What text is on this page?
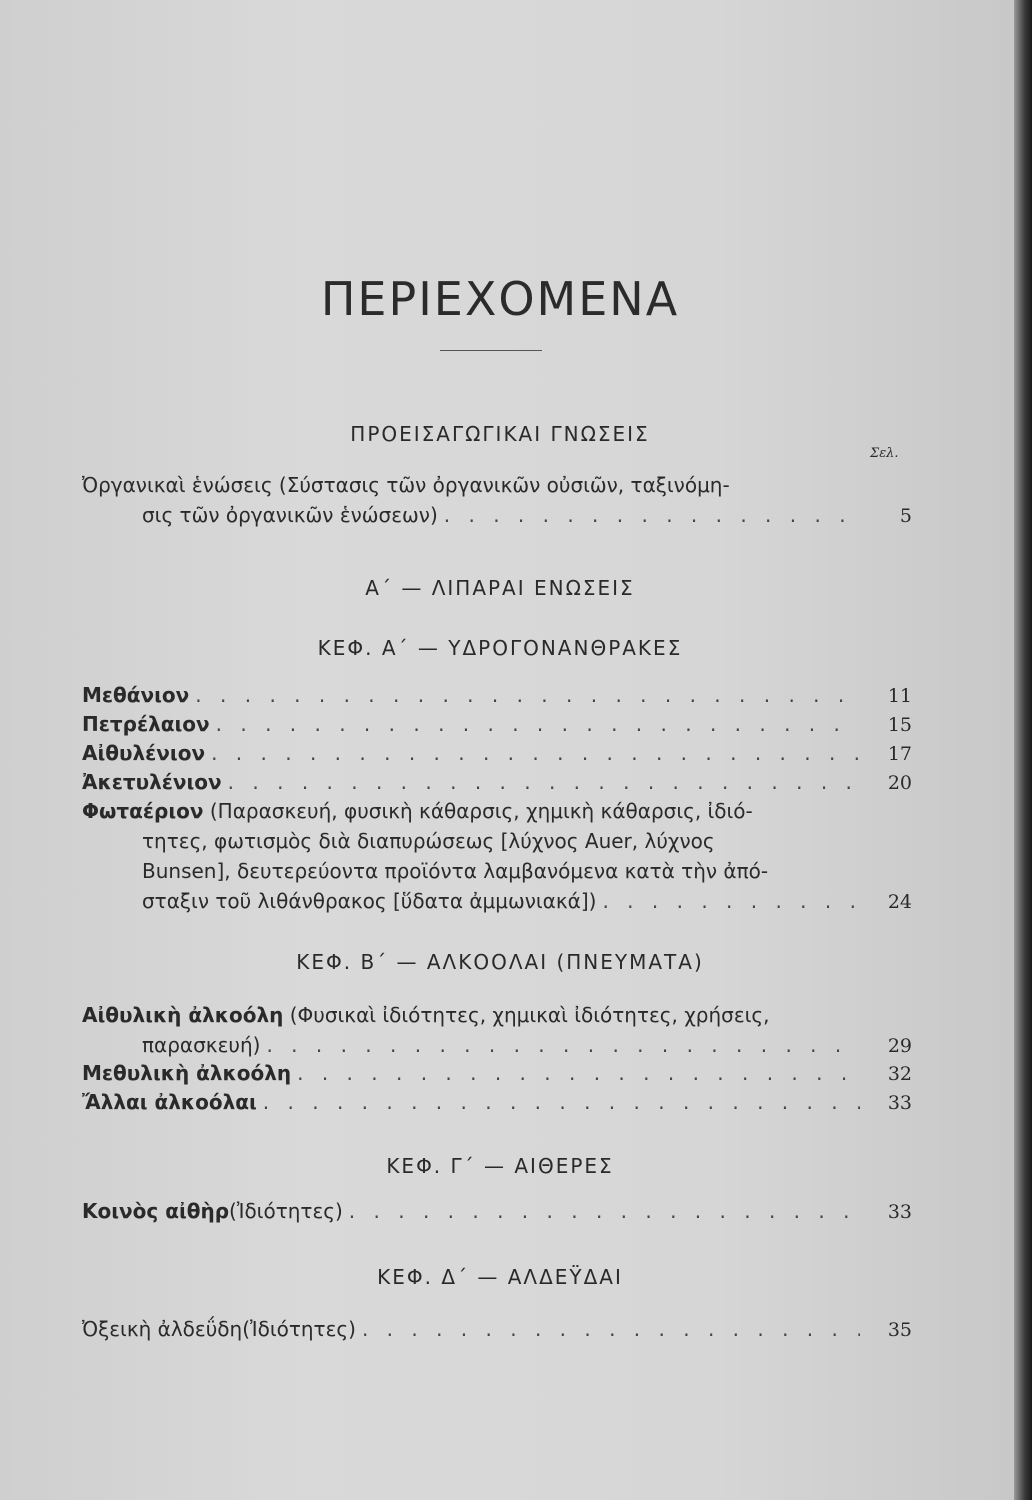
ΠΕΡΙΕΧΟΜΕΝΑ
ΠΡΟΕΙΣΑΓΩΓΙΚΑΙ ΓΝΩΣΕΙΣ
Σελ.
Ὀργανικαὶ ἑνώσεις (Σύστασις τῶν ὀργανικῶν οὐσιῶν, ταξινόμη-
σις τῶν ὀργανικῶν ἑνώσεων) . . .	5
Α΄ — ΛΙΠΑΡΑΙ ΕΝΩΣΕΙΣ
ΚΕΦ. Α΄ — ΥΔΡΟΓΟΝΑΝΘΡΑΚΕΣ
Μεθάνιον . . .	11
Πετρέλαιον . . .	15
Αἰθυλένιον . . .	17
Ἀκετυλένιον . . .	20
Φωταέριον (Παρασκευή, φυσικὴ κάθαρσις, χημικὴ κάθαρσις, ἰδιό-
τητες, φωτισμὸς διὰ διαπυρώσεως [λύχνος Auer, λύχνος
Bunsen], δευτερεύοντα προϊόντα λαμβανόμενα κατὰ τὴν ἀπό-
σταξιν τοῦ λιθάνθρακος [ὕδατα ἀμμωνιακά]) . . .	24
ΚΕΦ. Β΄ — ΑΛΚΟΟΛΑΙ (ΠΝΕΥΜΑΤΑ)
Αἰθυλικὴ ἀλκοόλη (Φυσικαὶ ἰδιότητες, χημικαὶ ἰδιότητες, χρήσεις,
παρασκευή) . . .	29
Μεθυλικὴ ἀλκοόλη . . .	32
Ἄλλαι ἀλκοόλαι . . .	33
ΚΕΦ. Γ΄ — ΑΙΘΕΡΕΣ
Κοινὸς αἰθὴρ (Ἰδιότητες) . . .	33
ΚΕΦ. Δ΄ — ΑΛΔΕΫΔΑΙ
Ὀξεικὴ ἀλδεΰδη (Ἰδιότητες) . . .	35
